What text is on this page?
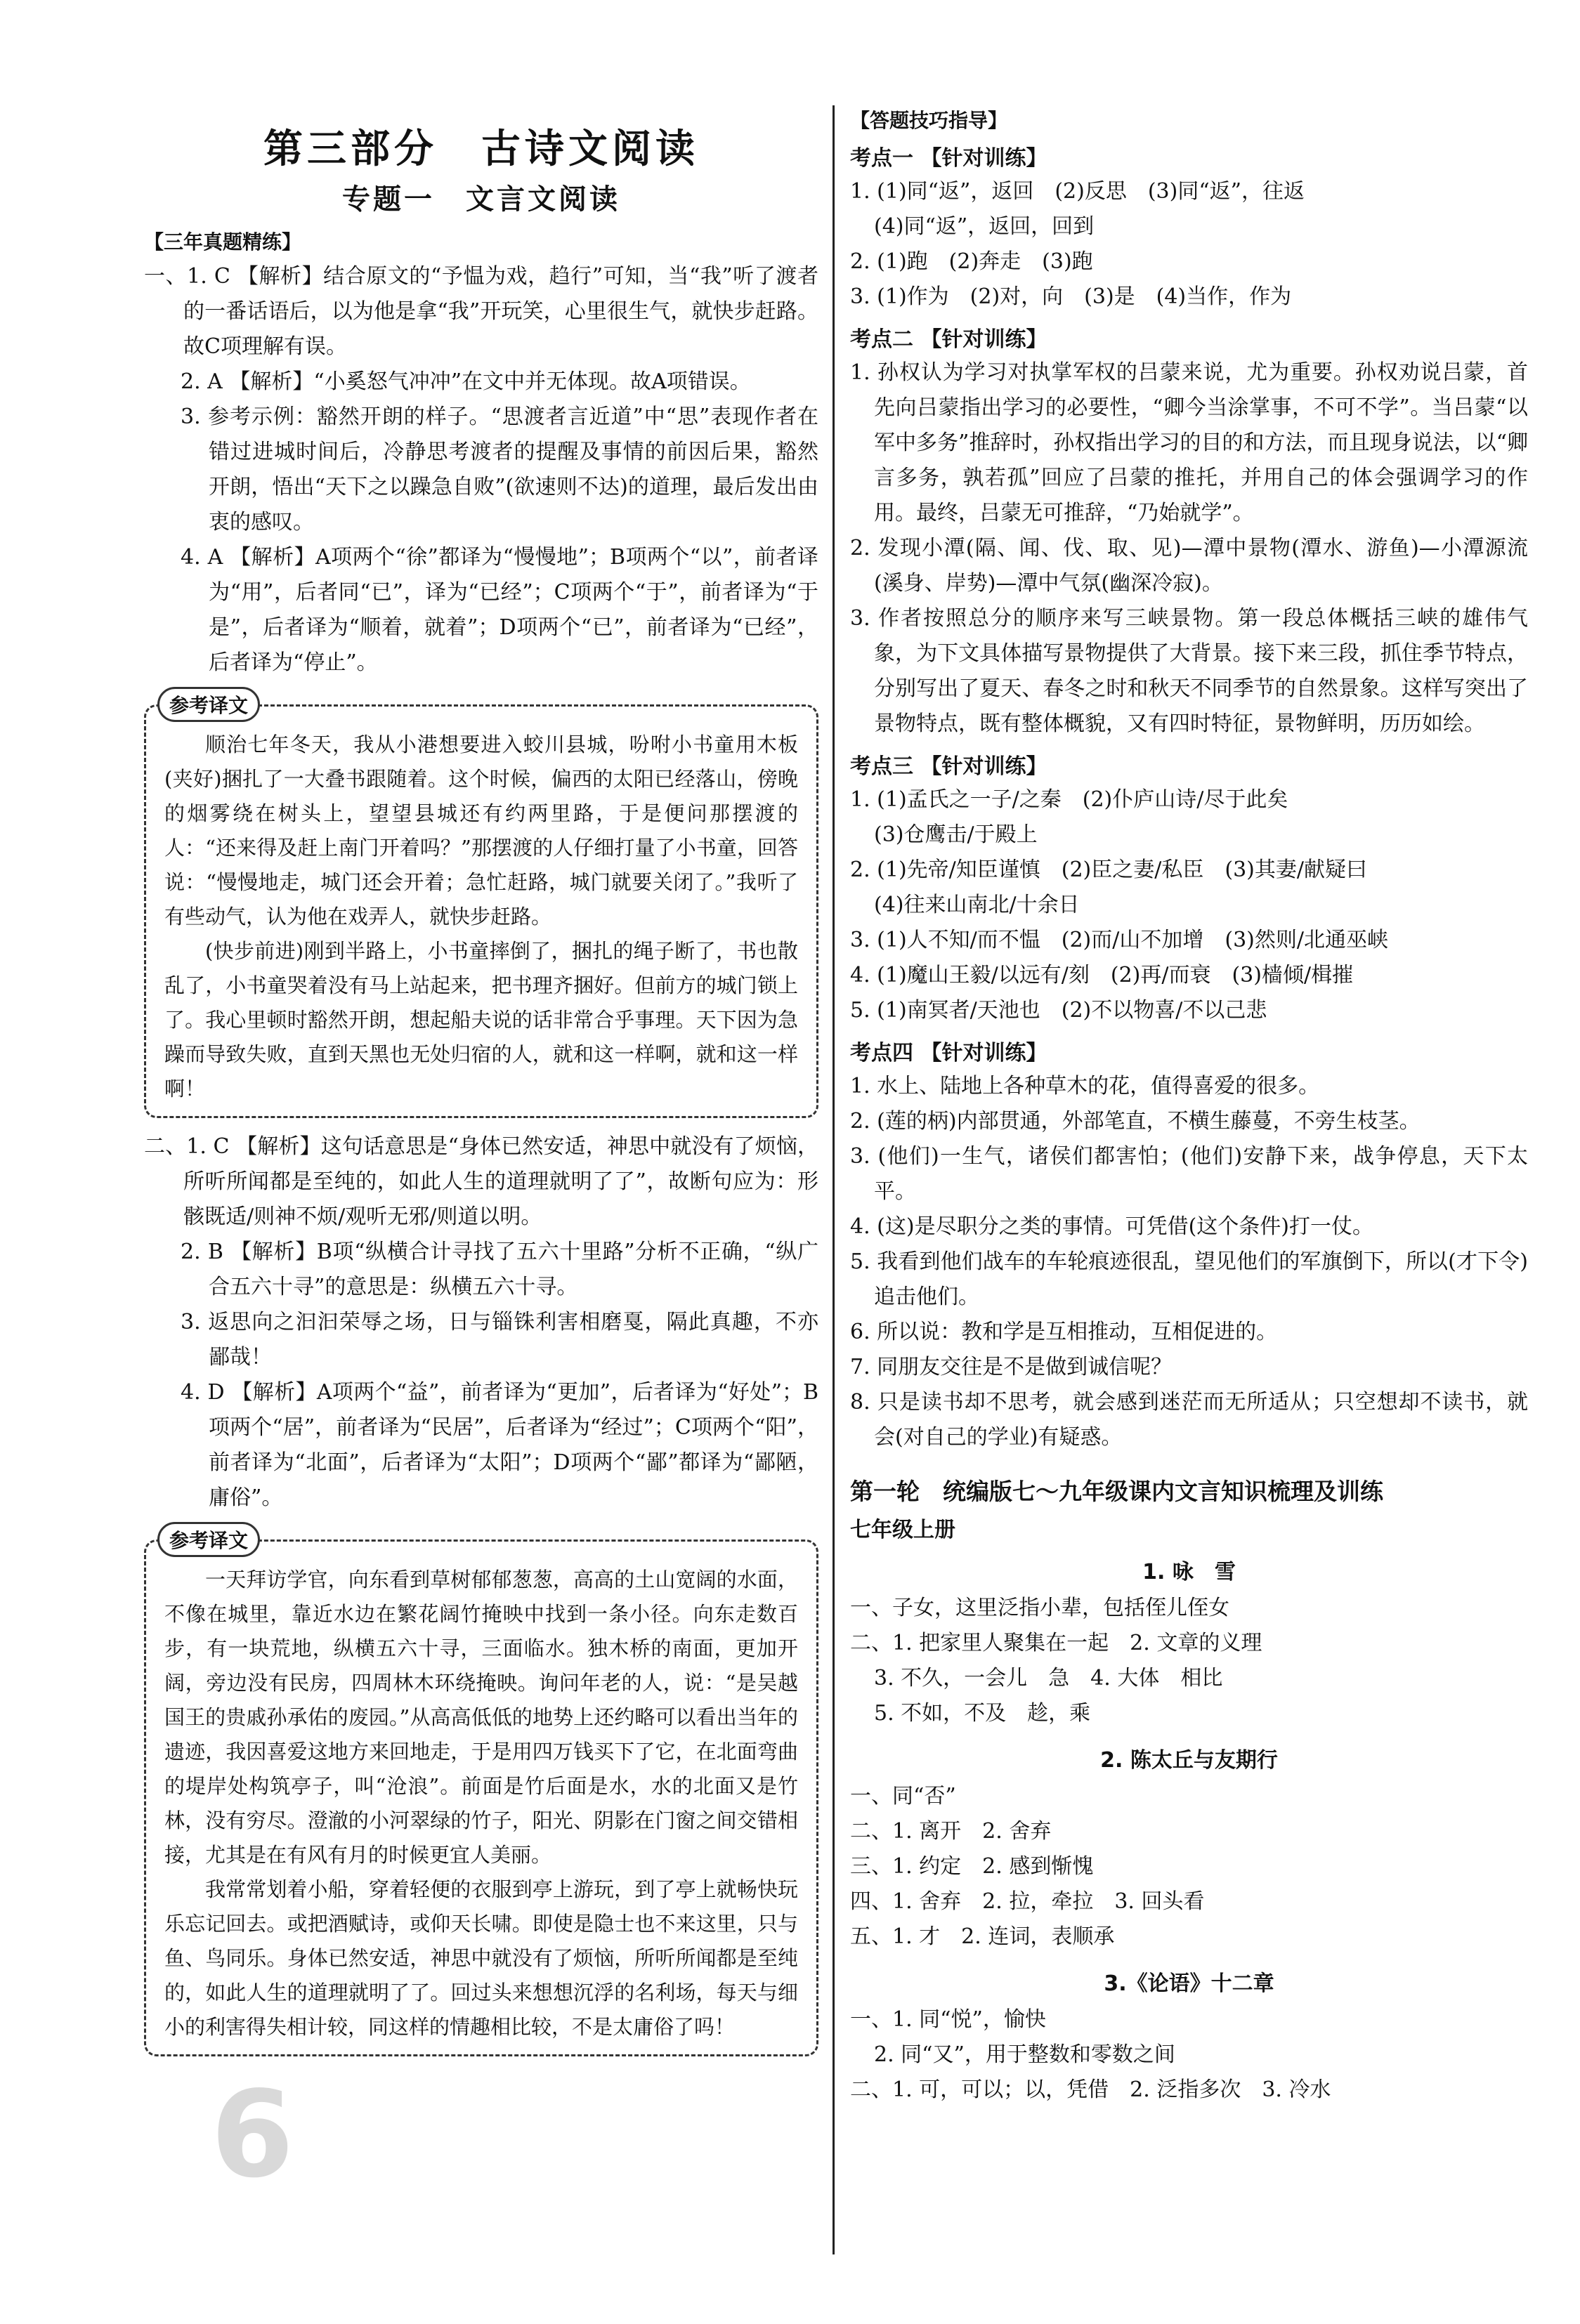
第三部分　古诗文阅读
专题一　文言文阅读
【三年真题精练】

一、1. C 【解析】结合原文的“予愠为戏，趋行”可知，当“我”听了渡者的一番话语后，以为他是拿“我”开玩笑，心里很生气，就快步赶路。故C项理解有误。

2. A 【解析】“小奚怒气冲冲”在文中并无体现。故A项错误。

3. 参考示例：豁然开朗的样子。“思渡者言近道”中“思”表现作者在错过进城时间后，冷静思考渡者的提醒及事情的前因后果，豁然开朗，悟出“天下之以躁急自败”(欲速则不达)的道理，最后发出由衷的感叹。

4. A 【解析】A项两个“徐”都译为“慢慢地”；B项两个“以”，前者译为“用”，后者同“已”，译为“已经”；C项两个“于”，前者译为“于是”，后者译为“顺着，就着”；D项两个“已”，前者译为“已经”，后者译为“停止”。

参考译文

顺治七年冬天，我从小港想要进入蛟川县城，吩咐小书童用木板(夹好)捆扎了一大叠书跟随着。这个时候，偏西的太阳已经落山，傍晚的烟雾绕在树头上，望望县城还有约两里路，于是便问那摆渡的人：“还来得及赶上南门开着吗？”那摆渡的人仔细打量了小书童，回答说：“慢慢地走，城门还会开着；急忙赶路，城门就要关闭了。”我听了有些动气，认为他在戏弄人，就快步赶路。

(快步前进)刚到半路上，小书童摔倒了，捆扎的绳子断了，书也散乱了，小书童哭着没有马上站起来，把书理齐捆好。但前方的城门锁上了。我心里顿时豁然开朗，想起船夫说的话非常合乎事理。天下因为急躁而导致失败，直到天黑也无处归宿的人，就和这一样啊，就和这一样啊！

二、1. C 【解析】这句话意思是“身体已然安适，神思中就没有了烦恼，所听所闻都是至纯的，如此人生的道理就明了了”，故断句应为：形骸既适/则神不烦/观听无邪/则道以明。

2. B 【解析】B项“纵横合计寻找了五六十里路”分析不正确，“纵广合五六十寻”的意思是：纵横五六十寻。

3. 返思向之汩汩荣辱之场，日与锱铢利害相磨戛，隔此真趣，不亦鄙哉！

4. D 【解析】A项两个“益”，前者译为“更加”，后者译为“好处”；B项两个“居”，前者译为“民居”，后者译为“经过”；C项两个“阳”，前者译为“北面”，后者译为“太阳”；D项两个“鄙”都译为“鄙陋，庸俗”。

参考译文

一天拜访学官，向东看到草树郁郁葱葱，高高的土山宽阔的水面，不像在城里，靠近水边在繁花阔竹掩映中找到一条小径。向东走数百步，有一块荒地，纵横五六十寻，三面临水。独木桥的南面，更加开阔，旁边没有民房，四周林木环绕掩映。询问年老的人，说：“是吴越国王的贵戚孙承佑的废园。”从高高低低的地势上还约略可以看出当年的遗迹，我因喜爱这地方来回地走，于是用四万钱买下了它，在北面弯曲的堤岸处构筑亭子，叫“沧浪”。前面是竹后面是水，水的北面又是竹林，没有穷尽。澄澈的小河翠绿的竹子，阳光、阴影在门窗之间交错相接，尤其是在有风有月的时候更宜人美丽。

我常常划着小船，穿着轻便的衣服到亭上游玩，到了亭上就畅快玩乐忘记回去。或把酒赋诗，或仰天长啸。即使是隐士也不来这里，只与鱼、鸟同乐。身体已然安适，神思中就没有了烦恼，所听所闻都是至纯的，如此人生的道理就明了了。回过头来想想沉浮的名利场，每天与细小的利害得失相计较，同这样的情趣相比较，不是太庸俗了吗！

6
【答题技巧指导】
考点一 【针对训练】

1. (1)同“返”，返回　(2)反思　(3)同“返”，往返

(4)同“返”，返回，回到

2. (1)跑　(2)奔走　(3)跑

3. (1)作为　(2)对，向　(3)是　(4)当作，作为

考点二 【针对训练】

1. 孙权认为学习对执掌军权的吕蒙来说，尤为重要。孙权劝说吕蒙，首先向吕蒙指出学习的必要性，“卿今当涂掌事，不可不学”。当吕蒙“以军中多务”推辞时，孙权指出学习的目的和方法，而且现身说法，以“卿言多务，孰若孤”回应了吕蒙的推托，并用自己的体会强调学习的作用。最终，吕蒙无可推辞，“乃始就学”。

2. 发现小潭(隔、闻、伐、取、见)—潭中景物(潭水、游鱼)—小潭源流(溪身、岸势)—潭中气氛(幽深冷寂)。

3. 作者按照总分的顺序来写三峡景物。第一段总体概括三峡的雄伟气象，为下文具体描写景物提供了大背景。接下来三段，抓住季节特点，分别写出了夏天、春冬之时和秋天不同季节的自然景象。这样写突出了景物特点，既有整体概貌，又有四时特征，景物鲜明，历历如绘。

考点三 【针对训练】

1. (1)孟氏之一子/之秦　(2)仆庐山诗/尽于此矣

(3)仓鹰击/于殿上

2. (1)先帝/知臣谨慎　(2)臣之妻/私臣　(3)其妻/献疑曰

(4)往来山南北/十余日

3. (1)人不知/而不愠　(2)而/山不加增　(3)然则/北通巫峡

4. (1)魔山王毅/以远有/刻　(2)再/而衰　(3)樯倾/楫摧

5. (1)南冥者/天池也　(2)不以物喜/不以己悲

考点四 【针对训练】

1. 水上、陆地上各种草木的花，值得喜爱的很多。

2. (莲的柄)内部贯通，外部笔直，不横生藤蔓，不旁生枝茎。

3. (他们)一生气，诸侯们都害怕；(他们)安静下来，战争停息，天下太平。

4. (这)是尽职分之类的事情。可凭借(这个条件)打一仗。

5. 我看到他们战车的车轮痕迹很乱，望见他们的军旗倒下，所以(才下令)追击他们。

6. 所以说：教和学是互相推动，互相促进的。

7. 同朋友交往是不是做到诚信呢？

8. 只是读书却不思考，就会感到迷茫而无所适从；只空想却不读书，就会(对自己的学业)有疑惑。

第一轮　统编版七～九年级课内文言知识梳理及训练
七年级上册
1. 咏　雪

一、子女，这里泛指小辈，包括侄儿侄女

二、1. 把家里人聚集在一起　2. 文章的义理

3. 不久，一会儿　急　4. 大体　相比

5. 不如，不及　趁，乘

2. 陈太丘与友期行

一、同“否”

二、1. 离开　2. 舍弃

三、1. 约定　2. 感到惭愧

四、1. 舍弃　2. 拉，牵拉　3. 回头看

五、1. 才　2. 连词，表顺承

3.《论语》十二章

一、1. 同“悦”，愉快

2. 同“又”，用于整数和零数之间

二、1. 可，可以；以，凭借　2. 泛指多次　3. 冷水
